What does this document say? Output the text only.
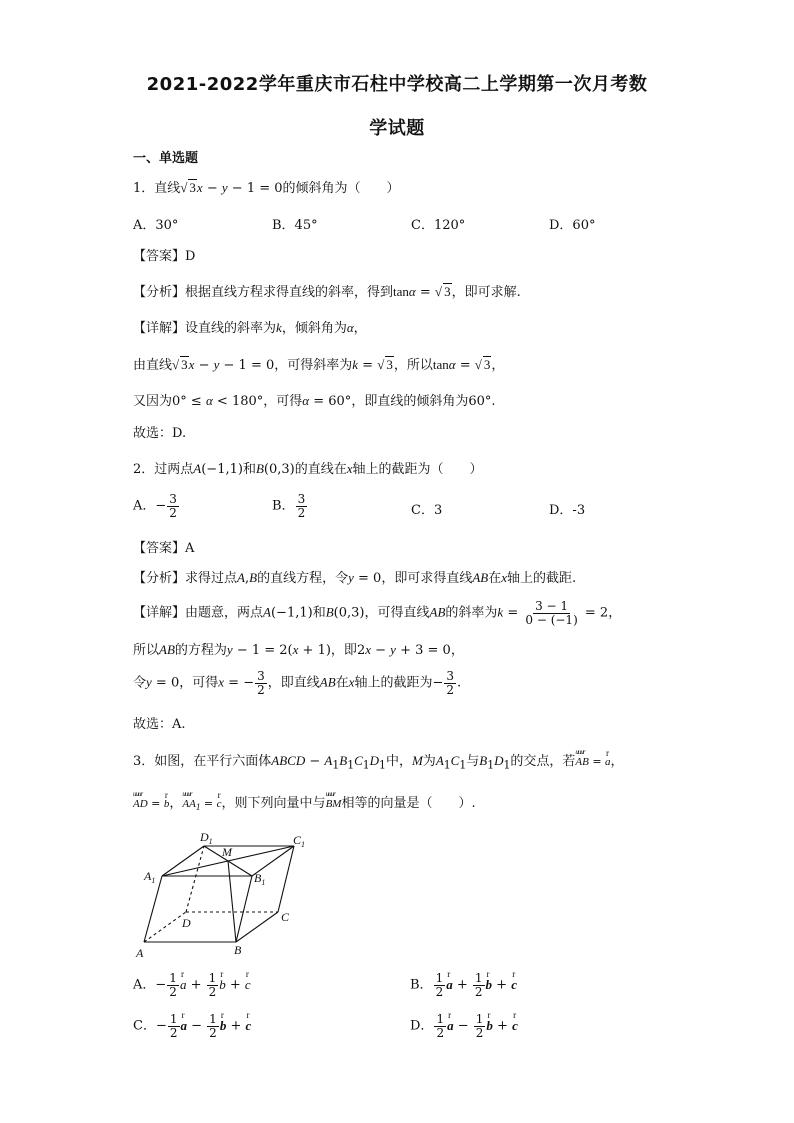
2021-2022学年重庆市石柱中学校高二上学期第一次月考数
学试题
一、单选题
1．直线√ 3x − y − 1 = 0的倾斜角为（　　）
A．30°	B．45°	C．120°	D．60°
【答案】D
【分析】根据直线方程求得直线的斜率，得到tanα = √ 3，即可求解.
【详解】设直线的斜率为k，倾斜角为α，
由直线√ 3x − y − 1 = 0，可得斜率为k = √ 3，所以tanα = √ 3，
又因为0° ≤ α < 180°，可得α = 60°，即直线的倾斜角为60°.
故选：D.
2．过两点A(−1,1)和B(0,3)的直线在x轴上的截距为（　　）
A．− $\frac{3}{2}$	B． $\frac{3}{2}$	C．3	D．-3
【答案】A
【分析】求得过点A,B的直线方程，令y = 0，即可求得直线AB在x轴上的截距.
【详解】由题意，两点A(−1,1)和B(0,3)，可得直线AB的斜率为$k = \frac{3 - 1}{0 - (-1)} = 2$，
所以AB的方程为y − 1 = 2(x + 1)，即2x − y + 3 = 0，
令y = 0，可得x = − $\frac{3}{2}$ ，即直线AB在x轴上的截距为− $\frac{3}{2}$ .
故选：A.
3．如图，在平行六面体ABCD − $A_1B_1C_1D_1$中，M为$A_1C_1$与$B_1D_1$的交点，若uuur AB = r a，
uuur AD = r b，uuur $AA_1 = r$ c，则下列向量中与uuur BM相等的向量是（　　）.
$D_1$
M
$C_1$
$A_1$	$B_1$
D	C
A	B
A．− $\frac{1}{2}$ r $a + \frac{1}{2}$ r b + r c	B． $\frac{1}{2}$ r $a + \frac{1}{2}$ r b + r c
C．− $\frac{1}{2}$ r $a - \frac{1}{2}$ r b + r c	D． $\frac{1}{2}$ r $a - \frac{1}{2}$ r b + r c
